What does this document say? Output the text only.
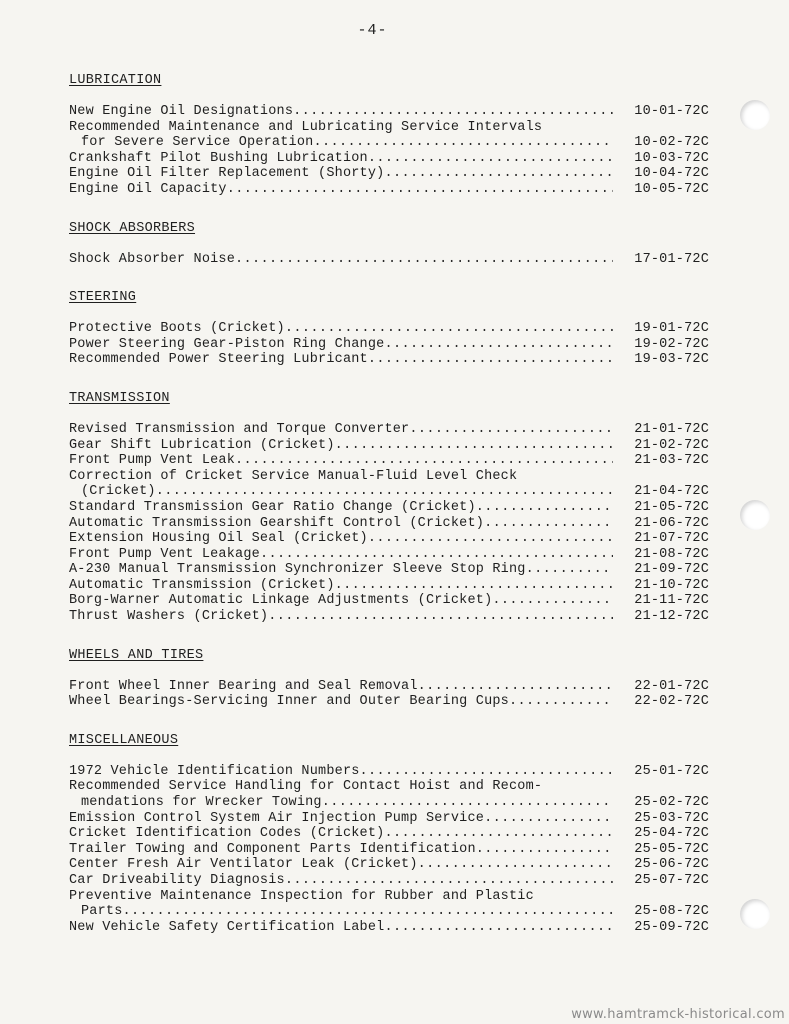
-4-
LUBRICATION
New Engine Oil Designations .....	10-01-72C
Recommended Maintenance and Lubricating Service Intervals
for Severe Service Operation .....	10-02-72C
Crankshaft Pilot Bushing Lubrication .....	10-03-72C
Engine Oil Filter Replacement (Shorty) .....	10-04-72C
Engine Oil Capacity .....	10-05-72C
SHOCK ABSORBERS
Shock Absorber Noise .....	17-01-72C
STEERING
Protective Boots (Cricket) .....	19-01-72C
Power Steering Gear-Piston Ring Change .....	19-02-72C
Recommended Power Steering Lubricant .....	19-03-72C
TRANSMISSION
Revised Transmission and Torque Converter .....	21-01-72C
Gear Shift Lubrication (Cricket) .....	21-02-72C
Front Pump Vent Leak .....	21-03-72C
Correction of Cricket Service Manual-Fluid Level Check
(Cricket) .....	21-04-72C
Standard Transmission Gear Ratio Change (Cricket) .....	21-05-72C
Automatic Transmission Gearshift Control (Cricket) .....	21-06-72C
Extension Housing Oil Seal (Cricket) .....	21-07-72C
Front Pump Vent Leakage .....	21-08-72C
A-230 Manual Transmission Synchronizer Sleeve Stop Ring .....	21-09-72C
Automatic Transmission (Cricket) .....	21-10-72C
Borg-Warner Automatic Linkage Adjustments (Cricket) .....	21-11-72C
Thrust Washers (Cricket) .....	21-12-72C
WHEELS AND TIRES
Front Wheel Inner Bearing and Seal Removal .....	22-01-72C
Wheel Bearings-Servicing Inner and Outer Bearing Cups .....	22-02-72C
MISCELLANEOUS
1972 Vehicle Identification Numbers .....	25-01-72C
Recommended Service Handling for Contact Hoist and Recom-
mendations for Wrecker Towing .....	25-02-72C
Emission Control System Air Injection Pump Service .....	25-03-72C
Cricket Identification Codes (Cricket) .....	25-04-72C
Trailer Towing and Component Parts Identification .....	25-05-72C
Center Fresh Air Ventilator Leak (Cricket) .....	25-06-72C
Car Driveability Diagnosis .....	25-07-72C
Preventive Maintenance Inspection for Rubber and Plastic
Parts .....	25-08-72C
New Vehicle Safety Certification Label .....	25-09-72C
www.hamtramck-historical.com
